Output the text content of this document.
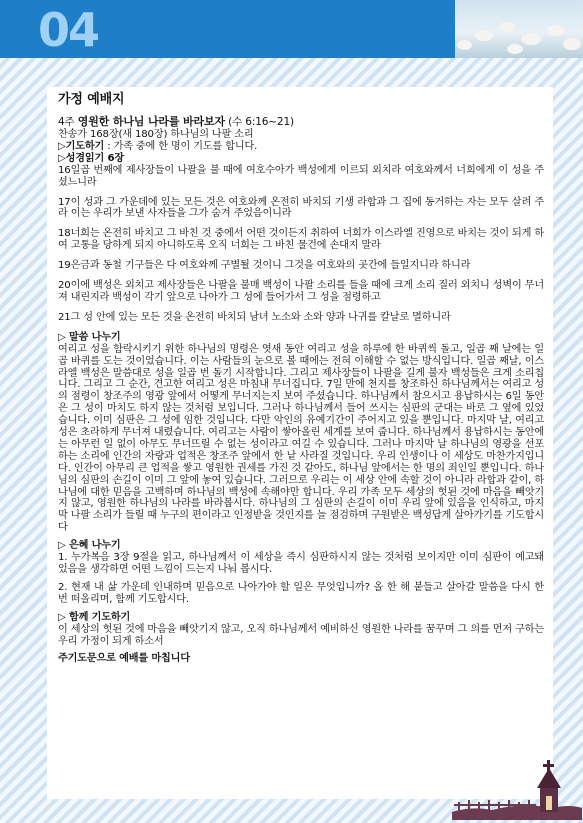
04

가정 예배지

4주 영원한 하나님 나라를 바라보자 (수 6:16~21)

찬송가 168장(새 180장) 하나님의 나팔 소리

▷기도하기 : 가족 중에 한 명이 기도를 합니다.

▷성경읽기 6장

16일곱 번째에 제사장들이 나팔을 불 때에 여호수아가 백성에게 이르되 외치라 여호와께서 너희에게 이 성을 주셨느니라

17이 성과 그 가운데에 있는 모든 것은 여호와께 온전히 바치되 기생 라합과 그 집에 동거하는 자는 모두 살려 주라 이는 우리가 보낸 사자들을 그가 숨겨 주었음이니라

18너희는 온전히 바치고 그 바친 것 중에서 어떤 것이든지 취하여 너희가 이스라엘 진영으로 바치는 것이 되게 하여 고통을 당하게 되지 아니하도록 오직 너희는 그 바친 물건에 손대지 말라

19은금과 동철 기구들은 다 여호와께 구별될 것이니 그것을 여호와의 곳간에 들일지니라 하니라

20이에 백성은 외치고 제사장들은 나팔을 불매 백성이 나팔 소리를 들을 때에 크게 소리 질러 외치니 성벽이 무너져 내린지라 백성이 각기 앞으로 나아가 그 성에 들어가서 그 성을 점령하고

21그 성 안에 있는 모든 것을 온전히 바치되 남녀 노소와 소와 양과 나귀를 칼날로 멸하니라

▷ 말씀 나누기

여리고 성을 함락시키기 위한 하나님의 명령은 엿새 동안 여리고 성을 하루에 한 바퀴씩 돌고, 일곱 째 날에는 일곱 바퀴를 도는 것이었습니다. 이는 사람들의 눈으로 볼 때에는 전혀 이해할 수 없는 방식입니다. 일곱 째날, 이스라엘 백성은 말씀대로 성을 일곱 번 돌기 시작합니다. 그리고 제사장들이 나팔을 길게 불자 백성들은 크게 소리칩니다. 그리고 그 순간, 견고한 여리고 성은 마침내 무너집니다. 7일 만에 천지를 창조하신 하나님께서는 여리고 성의 점령이 창조주의 영광 앞에서 어떻게 무너지는지 보여 주셨습니다. 하나님께서 참으시고 용납하시는 6일 동안은 그 성이 마치도 하지 않는 것처럼 보입니다. 그러나 하나님께서 들어 쓰시는 심판의 군대는 바로 그 옆에 있었습니다. 이미 심판은 그 성에 임한 것입니다. 다만 악인의 유예기간이 주어지고 있을 뿐입니다. 마지막 날, 여리고 성은 초라하게 무너져 내렸습니다. 여리고는 사람이 쌓아올린 세계를 보여 줍니다. 하나님께서 용납하시는 동안에는 아무런 일 없이 아무도 무너뜨릴 수 없는 성이라고 여길 수 있습니다. 그러나 마지막 날 하나님의 영광을 선포하는 소리에 인간의 자랑과 업적은 창조주 앞에서 한 낱 사라질 것입니다. 우리 인생이나 이 세상도 마찬가지입니다. 인간이 아무리 큰 업적을 쌓고 영원한 권세를 가진 것 같아도, 하나님 앞에서는 한 명의 죄인일 뿐입니다. 하나님의 심판의 손길이 이미 그 앞에 놓여 있습니다. 그러므로 우리는 이 세상 안에 속할 것이 아니라 라합과 같이, 하나님에 대한 믿음을 고백하며 하나님의 백성에 속해야만 합니다. 우리 가족 모두 세상의 헛된 것에 마음을 빼앗기지 않고, 영원한 하나님의 나라를 바라봅시다. 하나님의 그 심판의 손길이 이미 우리 앞에 있음을 인식하고, 마지막 나팔 소리가 들릴 때 누구의 편이라고 인정받을 것인지를 늘 점검하며 구원받은 백성답게 살아가기를 기도합시다

▷ 은혜 나누기

1. 누가복음 3장 9절을 읽고, 하나님께서 이 세상을 즉시 심판하시지 않는 것처럼 보이지만 이미 심판이 예고돼 있음을 생각하면 어떤 느낌이 드는지 나눠 봅시다.

2. 현재 내 삶 가운데 인내하며 믿음으로 나아가야 할 일은 무엇입니까? 올 한 해 붙들고 살아갈 말씀을 다시 한 번 떠올리며, 함께 기도합시다.

▷ 함께 기도하기

이 세상의 헛된 것에 마음을 빼앗기지 않고, 오직 하나님께서 예비하신 영원한 나라를 꿈꾸며 그 의를 먼저 구하는 우리 가정이 되게 하소서

주기도문으로 예배를 마칩니다
